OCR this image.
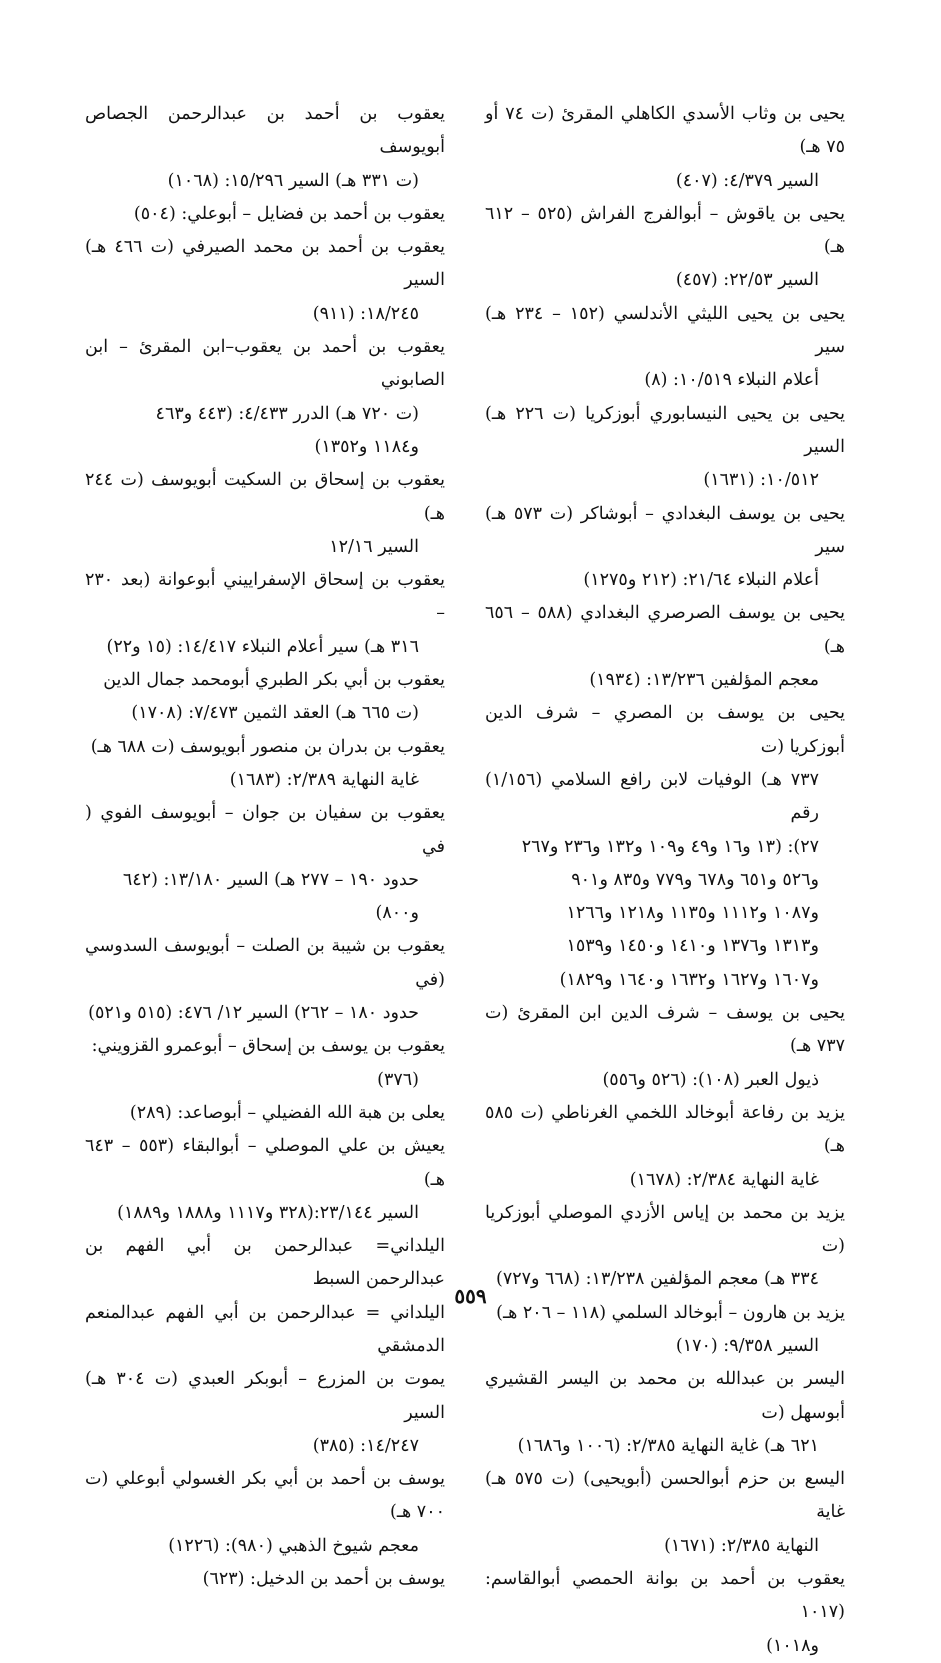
يحيى بن وثاب الأسدي الكاهلي المقرئ (ت ٧٤ أو ٧٥ هـ)
السير ٤/٣٧٩: (٤٠٧)
يحيى بن ياقوش – أبوالفرج الفراش (٥٢٥ – ٦١٢ هـ)
السير ٢٢/٥٣: (٤٥٧)
يحيى بن يحيى الليثي الأندلسي (١٥٢ – ٢٣٤ هـ) سير
أعلام النبلاء ١٠/٥١٩: (٨)
يحيى بن يحيى النيسابوري أبوزكريا (ت ٢٢٦ هـ) السير
١٠/٥١٢: (١٦٣١)
يحيى بن يوسف البغدادي – أبوشاكر (ت ٥٧٣ هـ) سير
أعلام النبلاء ٢١/٦٤: (٢١٢ و١٢٧٥)
يحيى بن يوسف الصرصري البغدادي (٥٨٨ – ٦٥٦ هـ)
معجم المؤلفين ١٣/٢٣٦: (١٩٣٤)
يحيى بن يوسف بن المصري – شرف الدين أبوزكريا (ت
٧٣٧ هـ) الوفيات لابن رافع السلامي (١/١٥٦) رقم
٢٧): (١٣ و١٦ و٤٩ و١٠٩ و١٣٢ و٢٣٦ و٢٦٧
و٥٢٦ و٦٥١ و٦٧٨ و٧٧٩ و٨٣٥ و٩٠١
و١٠٨٧ و١١١٢ و١١٣٥ و١٢١٨ و١٢٦٦
و١٣١٣ و١٣٧٦ و١٤١٠ و١٤٥٠ و١٥٣٩
و١٦٠٧ و١٦٢٧ و١٦٣٢ و١٦٤٠ و١٨٢٩)
يحيى بن يوسف – شرف الدين ابن المقرئ (ت ٧٣٧ هـ)
ذيول العبر (١٠٨): (٥٢٦ و٥٥٦)
يزيد بن رفاعة أبوخالد اللخمي الغرناطي (ت ٥٨٥ هـ)
غاية النهاية ٢/٣٨٤: (١٦٧٨)
يزيد بن محمد بن إياس الأزدي الموصلي أبوزكريا (ت
٣٣٤ هـ) معجم المؤلفين ١٣/٢٣٨: (٦٦٨ و٧٢٧)
يزيد بن هارون – أبوخالد السلمي (١١٨ – ٢٠٦ هـ)
السير ٩/٣٥٨: (١٧٠)
اليسر بن عبدالله بن محمد بن اليسر القشيري أبوسهل (ت
٦٢١ هـ) غاية النهاية ٢/٣٨٥: (١٠٠٦ و١٦٨٦)
اليسع بن حزم أبوالحسن (أبويحيى) (ت ٥٧٥ هـ) غاية
النهاية ٢/٣٨٥: (١٦٧١)
يعقوب بن أحمد بن بوانة الحمصي أبوالقاسم: (١٠١٧
و١٠١٨)
يعقوب بن أحمد بن عبدالرحمن الجصاص أبويوسف
(ت ٣٣١ هـ) السير ١٥/٢٩٦: (١٠٦٨)
يعقوب بن أحمد بن فضايل – أبوعلي: (٥٠٤)
يعقوب بن أحمد بن محمد الصيرفي (ت ٤٦٦ هـ) السير
١٨/٢٤٥: (٩١١)
يعقوب بن أحمد بن يعقوب–ابن المقرئ – ابن الصابوني
(ت ٧٢٠ هـ) الدرر ٤/٤٣٣: (٤٤٣ و٤٦٣
و١١٨٤ و١٣٥٢)
يعقوب بن إسحاق بن السكيت أبويوسف (ت ٢٤٤ هـ)
السير ١٢/١٦
يعقوب بن إسحاق الإسفراييني أبوعوانة (بعد ٢٣٠ –
٣١٦ هـ) سير أعلام النبلاء ١٤/٤١٧: (١٥ و٢٢)
يعقوب بن أبي بكر الطبري أبومحمد جمال الدين
(ت ٦٦٥ هـ) العقد الثمين ٧/٤٧٣: (١٧٠٨)
يعقوب بن بدران بن منصور أبويوسف (ت ٦٨٨ هـ)
غاية النهاية ٢/٣٨٩: (١٦٨٣)
يعقوب بن سفيان بن جوان – أبويوسف الفوي ( في
حدود ١٩٠ – ٢٧٧ هـ) السير ١٣/١٨٠: (٦٤٢
و٨٠٠)
يعقوب بن شيبة بن الصلت – أبويوسف السدوسي (في
حدود ١٨٠ – ٢٦٢) السير ١٢/ ٤٧٦: (٥١٥ و٥٢١)
يعقوب بن يوسف بن إسحاق – أبوعمرو القزويني:
(٣٧٦)
يعلى بن هبة الله الفضيلي – أبوصاعد: (٢٨٩)
يعيش بن علي الموصلي – أبوالبقاء (٥٥٣ – ٦٤٣ هـ)
السير ٢٣/١٤٤:(٣٢٨ و١١١٧ و١٨٨٨ و١٨٨٩)
اليلداني= عبدالرحمن بن أبي الفهم بن عبدالرحمن السبط
اليلداني = عبدالرحمن بن أبي الفهم عبدالمنعم الدمشقي
يموت بن المزرع – أبوبكر العبدي (ت ٣٠٤ هـ) السير
١٤/٢٤٧: (٣٨٥)
يوسف بن أحمد بن أبي بكر الغسولي أبوعلي (ت ٧٠٠ هـ)
معجم شيوخ الذهبي (٩٨٠): (١٢٢٦)
يوسف بن أحمد بن الدخيل: (٦٢٣)
٥٥٩
